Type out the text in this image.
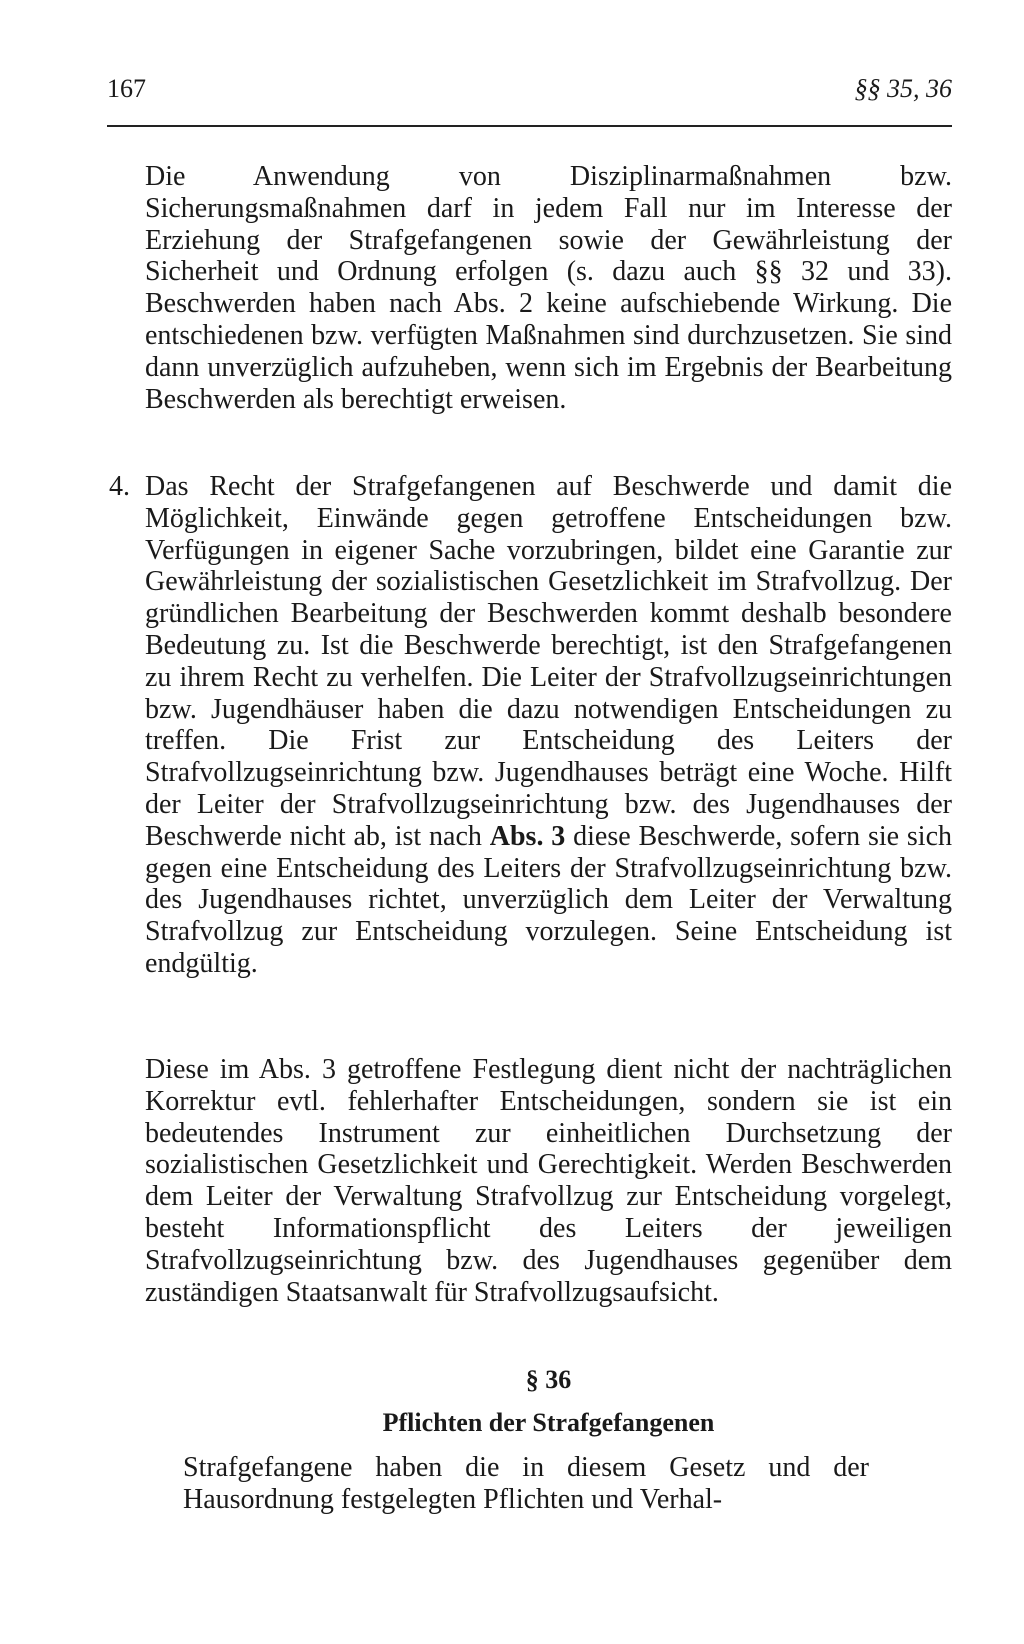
167	§§ 35, 36

Die Anwendung von Disziplinarmaßnahmen bzw. Sicherungsmaßnahmen darf in jedem Fall nur im Interesse der Erziehung der Strafgefangenen sowie der Gewährleistung der Sicherheit und Ordnung erfolgen (s. dazu auch §§ 32 und 33). Beschwerden haben nach Abs. 2 keine aufschiebende Wirkung. Die entschiedenen bzw. verfügten Maßnahmen sind durchzusetzen. Sie sind dann unverzüglich aufzuheben, wenn sich im Ergebnis der Bearbeitung Beschwerden als berechtigt erweisen.

4. Das Recht der Strafgefangenen auf Beschwerde und damit die Möglichkeit, Einwände gegen getroffene Entscheidungen bzw. Verfügungen in eigener Sache vorzubringen, bildet eine Garantie zur Gewährleistung der sozialistischen Gesetzlichkeit im Strafvollzug. Der gründlichen Bearbeitung der Beschwerden kommt deshalb besondere Bedeutung zu. Ist die Beschwerde berechtigt, ist den Strafgefangenen zu ihrem Recht zu verhelfen. Die Leiter der Strafvollzugseinrichtungen bzw. Jugendhäuser haben die dazu notwendigen Entscheidungen zu treffen. Die Frist zur Entscheidung des Leiters der Strafvollzugseinrichtung bzw. Jugendhauses beträgt eine Woche. Hilft der Leiter der Strafvollzugseinrichtung bzw. des Jugendhauses der Beschwerde nicht ab, ist nach Abs. 3 diese Beschwerde, sofern sie sich gegen eine Entscheidung des Leiters der Strafvollzugseinrichtung bzw. des Jugendhauses richtet, unverzüglich dem Leiter der Verwaltung Strafvollzug zur Entscheidung vorzulegen. Seine Entscheidung ist endgültig.

Diese im Abs. 3 getroffene Festlegung dient nicht der nachträglichen Korrektur evtl. fehlerhafter Entscheidungen, sondern sie ist ein bedeutendes Instrument zur einheitlichen Durchsetzung der sozialistischen Gesetzlichkeit und Gerechtigkeit. Werden Beschwerden dem Leiter der Verwaltung Strafvollzug zur Entscheidung vorgelegt, besteht Informationspflicht des Leiters der jeweiligen Strafvollzugseinrichtung bzw. des Jugendhauses gegenüber dem zuständigen Staatsanwalt für Strafvollzugsaufsicht.

§ 36
Pflichten der Strafgefangenen

Strafgefangene haben die in diesem Gesetz und der Hausordnung festgelegten Pflichten und Verhal-
